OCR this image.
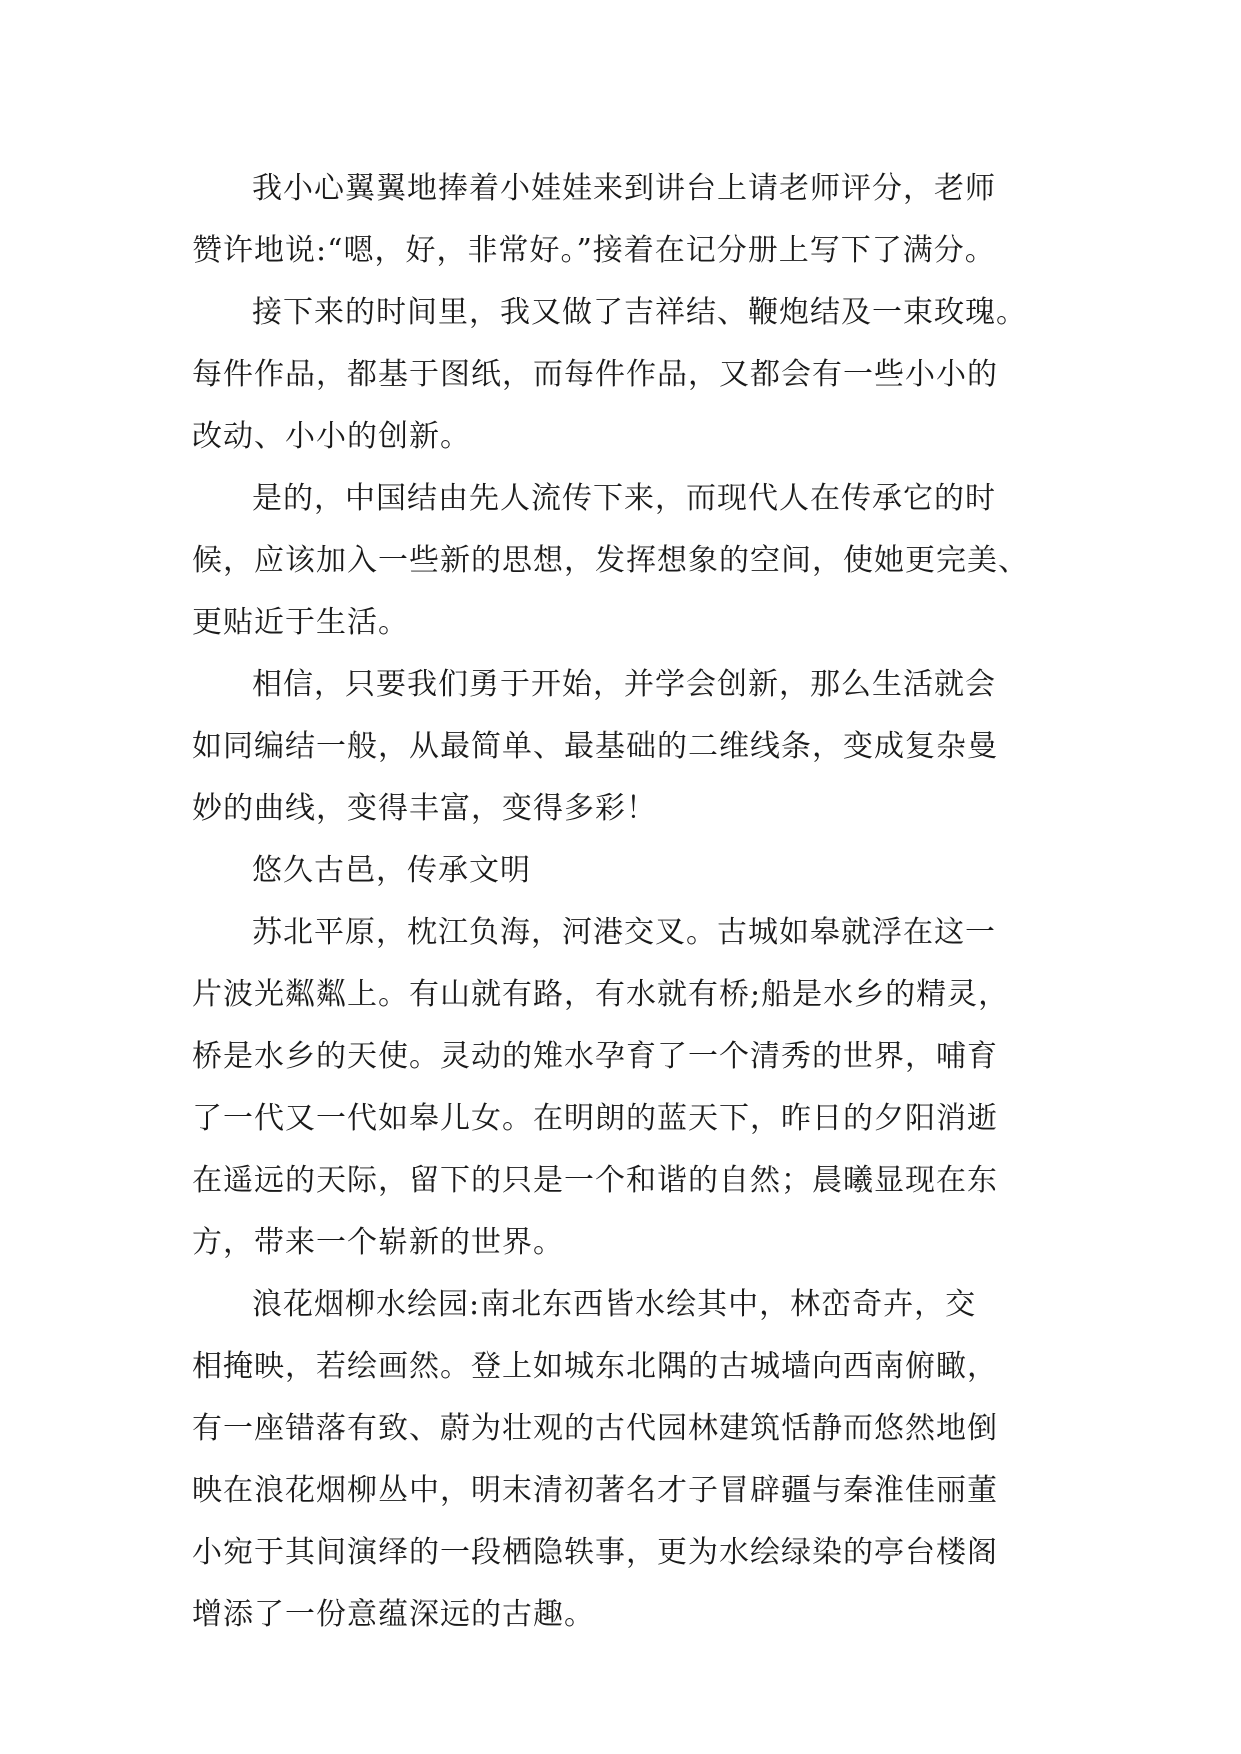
我小心翼翼地捧着小娃娃来到讲台上请老师评分，老师
赞许地说:“嗯，好，非常好。”接着在记分册上写下了满分。
接下来的时间里，我又做了吉祥结、鞭炮结及一束玫瑰。
每件作品，都基于图纸，而每件作品，又都会有一些小小的
改动、小小的创新。
是的，中国结由先人流传下来，而现代人在传承它的时
候，应该加入一些新的思想，发挥想象的空间，使她更完美、
更贴近于生活。
相信，只要我们勇于开始，并学会创新，那么生活就会
如同编结一般，从最简单、最基础的二维线条，变成复杂曼
妙的曲线，变得丰富，变得多彩！
悠久古邑，传承文明
苏北平原，枕江负海，河港交叉。古城如皋就浮在这一
片波光粼粼上。有山就有路，有水就有桥;船是水乡的精灵，
桥是水乡的天使。灵动的雉水孕育了一个清秀的世界，哺育
了一代又一代如皋儿女。在明朗的蓝天下，昨日的夕阳消逝
在遥远的天际，留下的只是一个和谐的自然；晨曦显现在东
方，带来一个崭新的世界。
浪花烟柳水绘园:南北东西皆水绘其中，林峦奇卉，交
相掩映，若绘画然。登上如城东北隅的古城墙向西南俯瞰，
有一座错落有致、蔚为壮观的古代园林建筑恬静而悠然地倒
映在浪花烟柳丛中，明末清初著名才子冒辟疆与秦淮佳丽董
小宛于其间演绎的一段栖隐轶事，更为水绘绿染的亭台楼阁
增添了一份意蕴深远的古趣。
